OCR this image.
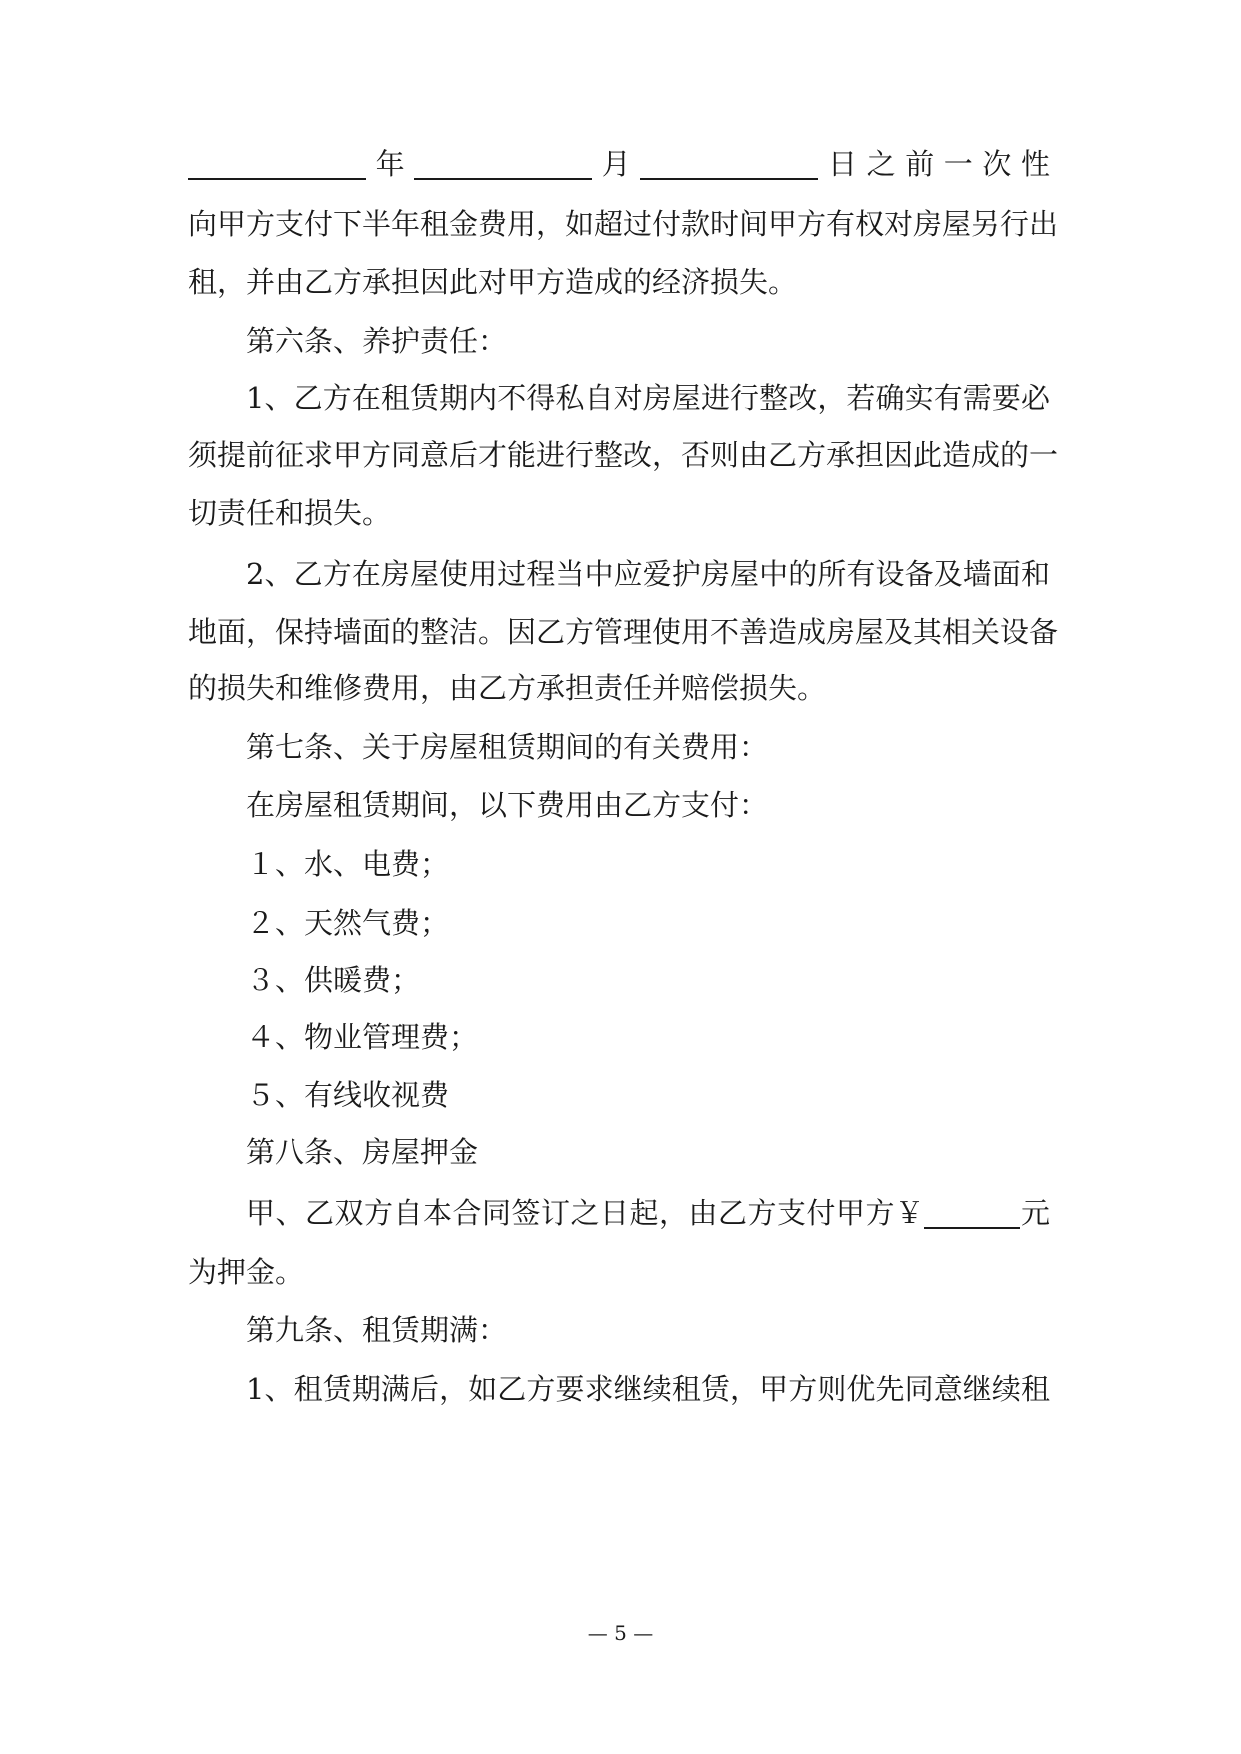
年	月	日之前一次性
向甲方支付下半年租金费用，如超过付款时间甲方有权对房屋另行出
租，并由乙方承担因此对甲方造成的经济损失。
第六条、养护责任：
1、乙方在租赁期内不得私自对房屋进行整改，若确实有需要必
须提前征求甲方同意后才能进行整改，否则由乙方承担因此造成的一
切责任和损失。
2、乙方在房屋使用过程当中应爱护房屋中的所有设备及墙面和
地面，保持墙面的整洁。因乙方管理使用不善造成房屋及其相关设备
的损失和维修费用，由乙方承担责任并赔偿损失。
第七条、关于房屋租赁期间的有关费用：
在房屋租赁期间，以下费用由乙方支付：
１、水、电费；
２、天然气费；
３、供暖费；
４、物业管理费；
５、有线收视费
第八条、房屋押金
甲、乙双方自本合同签订之日起，由乙方支付甲方￥	元
为押金。
第九条、租赁期满：
1、租赁期满后，如乙方要求继续租赁，甲方则优先同意继续租
— 5 —
